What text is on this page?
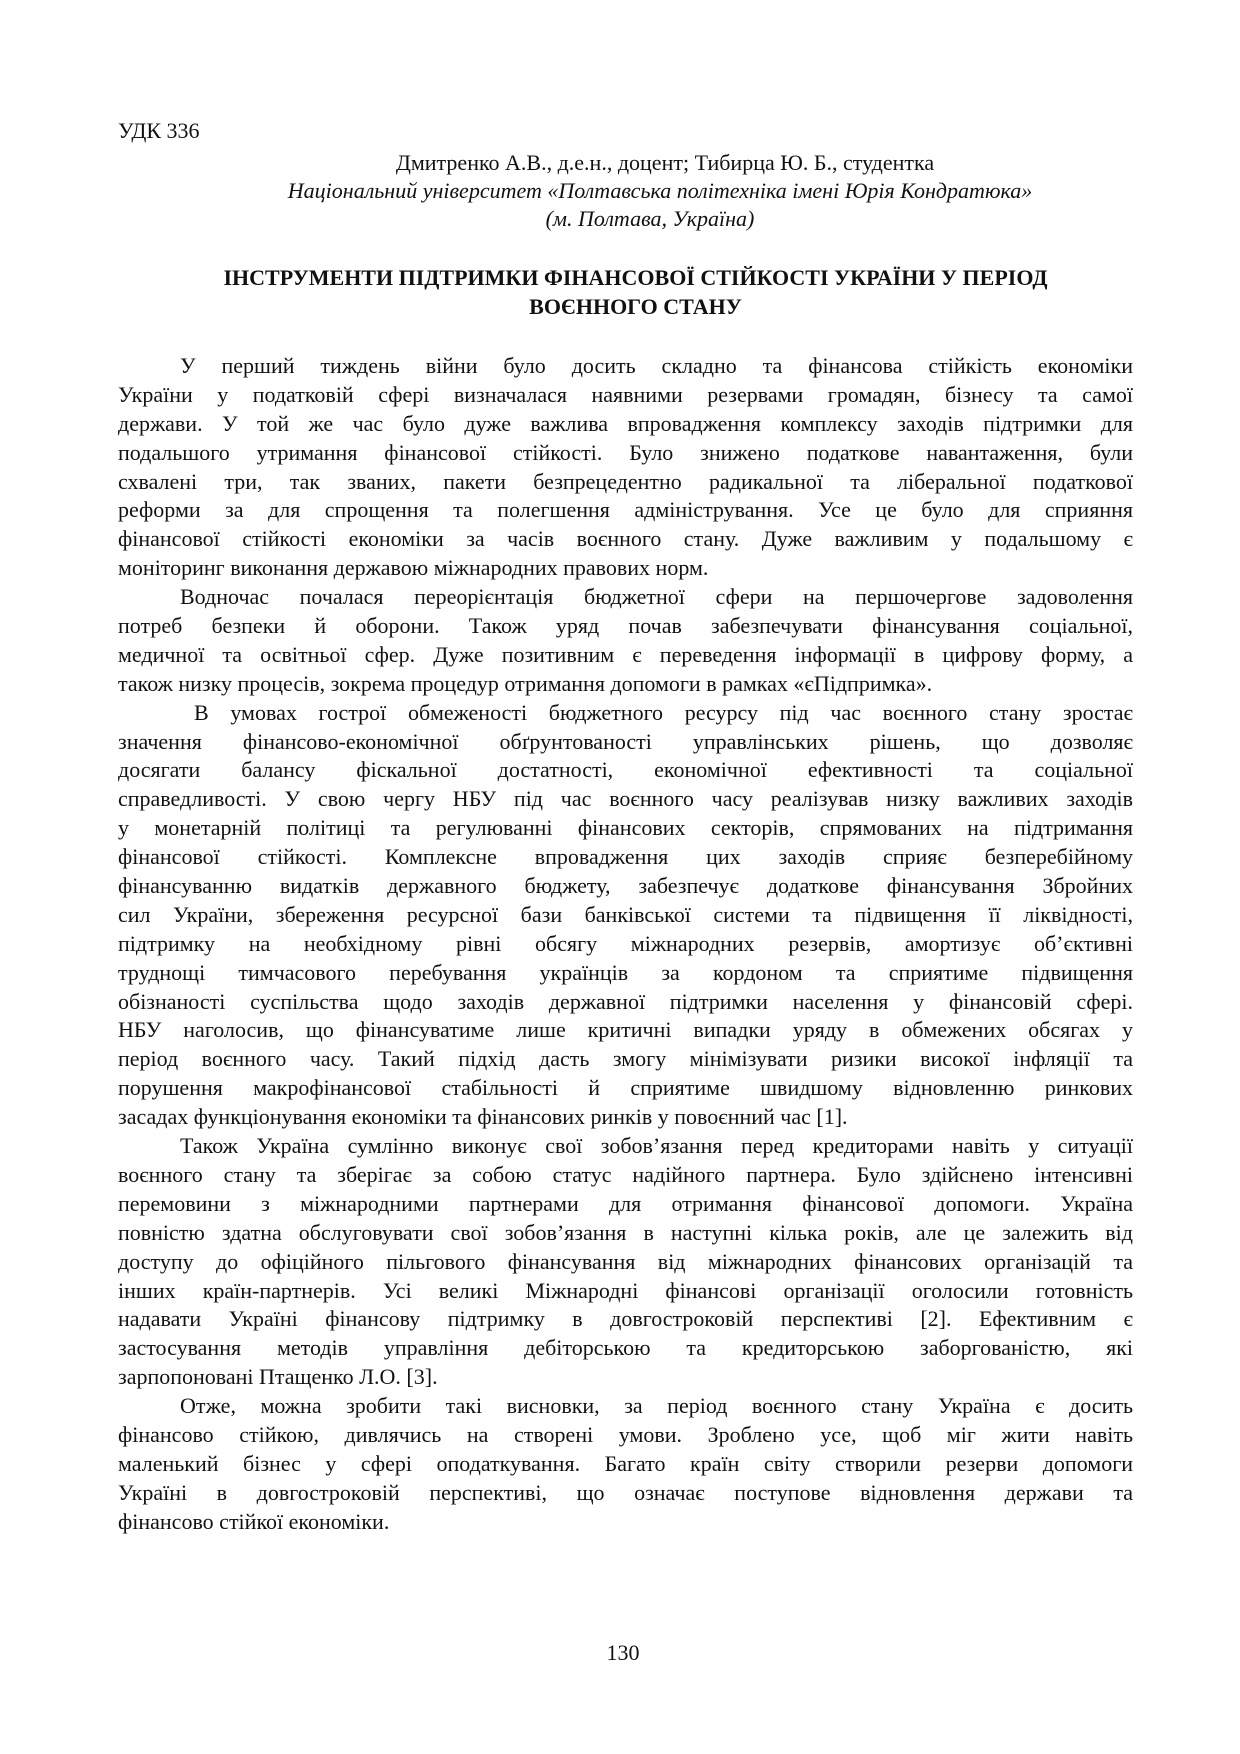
УДК 336
Дмитренко А.В., д.е.н., доцент; Тибирца Ю. Б., студентка
Національний університет «Полтавська політехніка імені Юрія Кондратюка»
(м. Полтава, Україна)
ІНСТРУМЕНТИ ПІДТРИМКИ ФІНАНСОВОЇ СТІЙКОСТІ УКРАЇНИ У ПЕРІОД
ВОЄННОГО СТАНУ
У перший тиждень війни було досить складно та фінансова стійкість економіки
України у податковій сфері визначалася наявними резервами громадян, бізнесу та самої
держави. У той же час було дуже важлива впровадження комплексу заходів підтримки для
подальшого утримання фінансової стійкості. Було знижено податкове навантаження, були
схвалені три, так званих, пакети безпрецедентно радикальної та ліберальної податкової
реформи за для спрощення та полегшення адміністрування. Усе це було для сприяння
фінансової стійкості економіки за часів воєнного стану. Дуже важливим у подальшому є
моніторинг виконання державою міжнародних правових норм.
Водночас почалася переорієнтація бюджетної сфери на першочергове задоволення
потреб безпеки й оборони. Також уряд почав забезпечувати фінансування соціальної,
медичної та освітньої сфер. Дуже позитивним є переведення інформації в цифрову форму, а
також низку процесів, зокрема процедур отримання допомоги в рамках «єПідпримка».
В умовах гострої обмеженості бюджетного ресурсу під час воєнного стану зростає
значення фінансово-економічної обґрунтованості управлінських рішень, що дозволяє
досягати балансу фіскальної достатності, економічної ефективності та соціальної
справедливості. У свою чергу НБУ під час воєнного часу реалізував низку важливих заходів
у монетарній політиці та регулюванні фінансових секторів, спрямованих на підтримання
фінансової стійкості. Комплексне впровадження цих заходів сприяє безперебійному
фінансуванню видатків державного бюджету, забезпечує додаткове фінансування Збройних
сил України, збереження ресурсної бази банківської системи та підвищення її ліквідності,
підтримку на необхідному рівні обсягу міжнародних резервів, амортизує об’єктивні
труднощі тимчасового перебування українців за кордоном та сприятиме підвищення
обізнаності суспільства щодо заходів державної підтримки населення у фінансовій сфері.
НБУ наголосив, що фінансуватиме лише критичні випадки уряду в обмежених обсягах у
період воєнного часу. Такий підхід дасть змогу мінімізувати ризики високої інфляції та
порушення макрофінансової стабільності й сприятиме швидшому відновленню ринкових
засадах функціонування економіки та фінансових ринків у повоєнний час [1].
Також Україна сумлінно виконує свої зобов’язання перед кредиторами навіть у ситуації
воєнного стану та зберігає за собою статус надійного партнера. Було здійснено інтенсивні
перемовини з міжнародними партнерами для отримання фінансової допомоги. Україна
повністю здатна обслуговувати свої зобов’язання в наступні кілька років, але це залежить від
доступу до офіційного пільгового фінансування від міжнародних фінансових організацій та
інших країн-партнерів. Усі великі Міжнародні фінансові організації оголосили готовність
надавати Україні фінансову підтримку в довгостроковій перспективі [2]. Ефективним є
застосування методів управління дебіторською та кредиторською заборгованістю, які
зарпопоновані Птащенко Л.О. [3].
Отже, можна зробити такі висновки, за період воєнного стану Україна є досить
фінансово стійкою, дивлячись на створені умови. Зроблено усе, щоб міг жити навіть
маленький бізнес у сфері оподаткування. Багато країн світу створили резерви допомоги
Україні в довгостроковій перспективі, що означає поступове відновлення держави та
фінансово стійкої економіки.
130
